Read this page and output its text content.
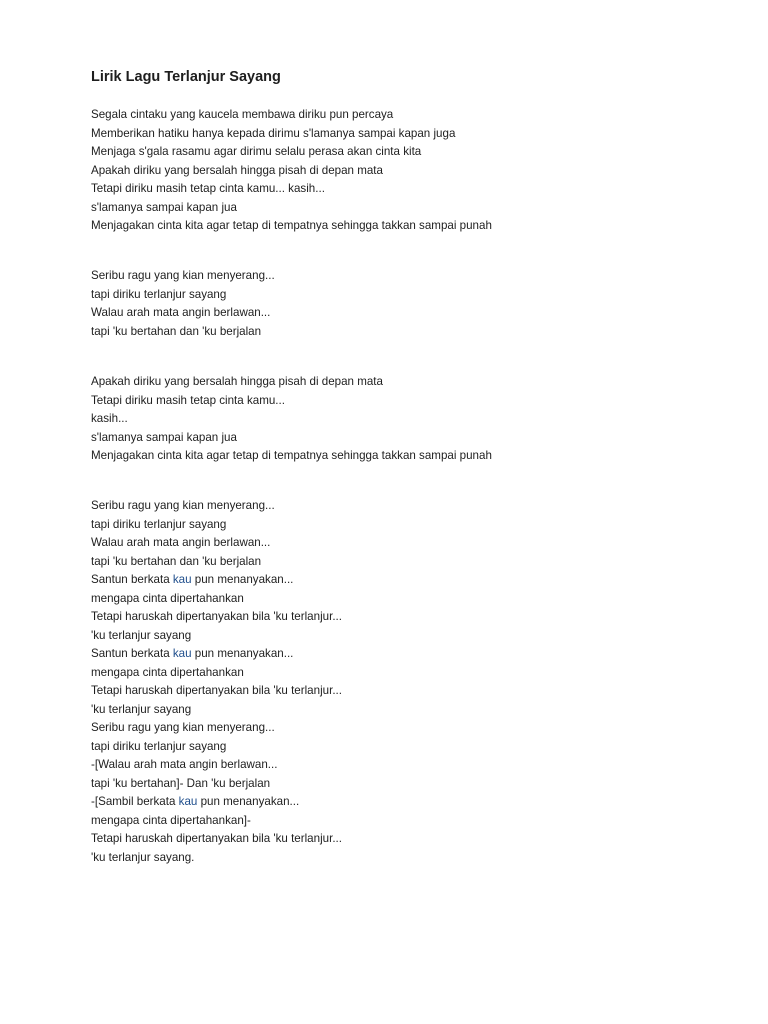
Lirik Lagu Terlanjur Sayang
Segala cintaku yang kaucela membawa diriku pun percaya
Memberikan hatiku hanya kepada dirimu s'lamanya sampai kapan juga
Menjaga s'gala rasamu agar dirimu selalu perasa akan cinta kita
Apakah diriku yang bersalah hingga pisah di depan mata
Tetapi diriku masih tetap cinta kamu... kasih...
s'lamanya sampai kapan jua
Menjagakan cinta kita agar tetap di tempatnya sehingga takkan sampai punah
Seribu ragu yang kian menyerang...
tapi diriku terlanjur sayang
Walau arah mata angin berlawan...
tapi 'ku bertahan dan 'ku berjalan
Apakah diriku yang bersalah hingga pisah di depan mata
Tetapi diriku masih tetap cinta kamu...
kasih...
s'lamanya sampai kapan jua
Menjagakan cinta kita agar tetap di tempatnya sehingga takkan sampai punah
Seribu ragu yang kian menyerang...
tapi diriku terlanjur sayang
Walau arah mata angin berlawan...
tapi 'ku bertahan dan 'ku berjalan
Santun berkata kau pun menanyakan...
mengapa cinta dipertahankan
Tetapi haruskah dipertanyakan bila 'ku terlanjur...
'ku terlanjur sayang
Santun berkata kau pun menanyakan...
mengapa cinta dipertahankan
Tetapi haruskah dipertanyakan bila 'ku terlanjur...
'ku terlanjur sayang
Seribu ragu yang kian menyerang...
tapi diriku terlanjur sayang
-[Walau arah mata angin berlawan...
tapi 'ku bertahan]- Dan 'ku berjalan
-[Sambil berkata kau pun menanyakan...
mengapa cinta dipertahankan]-
Tetapi haruskah dipertanyakan bila 'ku terlanjur...
'ku terlanjur sayang.
